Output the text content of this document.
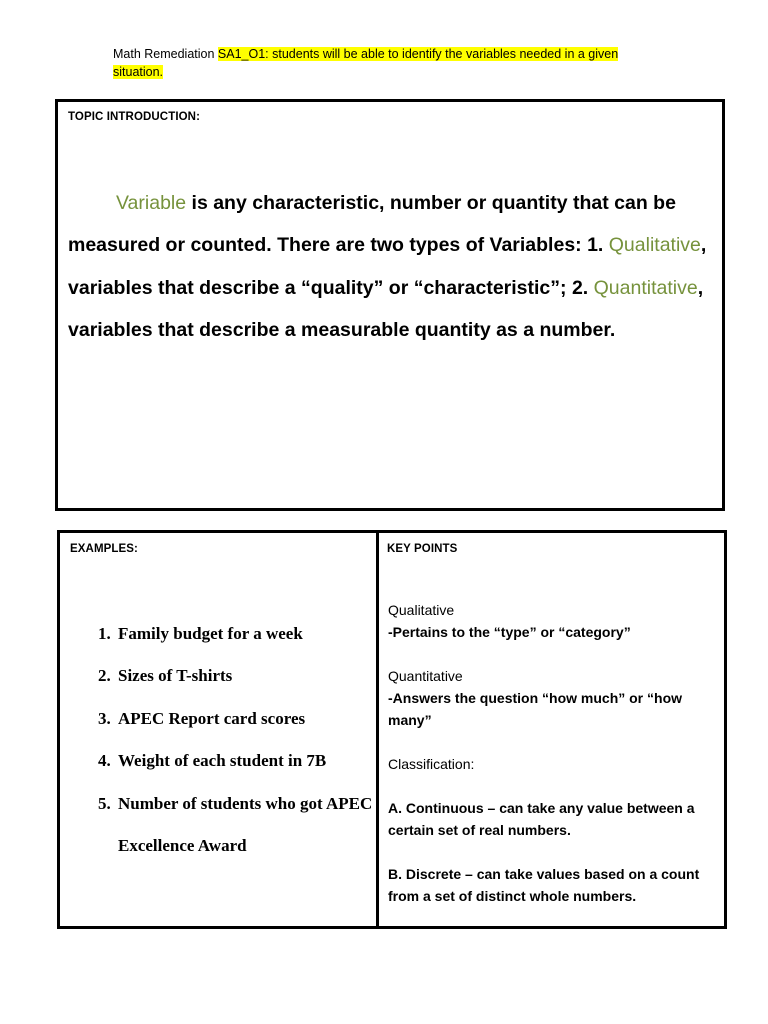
Math Remediation SA1_O1: students will be able to identify the variables needed in a given situation.
TOPIC INTRODUCTION:

Variable is any characteristic, number or quantity that can be measured or counted. There are two types of Variables: 1. Qualitative, variables that describe a “quality” or “characteristic”; 2. Quantitative, variables that describe a measurable quantity as a number.

EXAMPLES:
1. Family budget for a week
2. Sizes of T-shirts
3. APEC Report card scores
4. Weight of each student in 7B
5. Number of students who got APEC Excellence Award
KEY POINTS
Qualitative
-Pertains to the “type” or “category”
Quantitative
-Answers the question “how much” or “how many”
Classification:
A. Continuous – can take any value between a certain set of real numbers.
B. Discrete – can take values based on a count from a set of distinct whole numbers.
